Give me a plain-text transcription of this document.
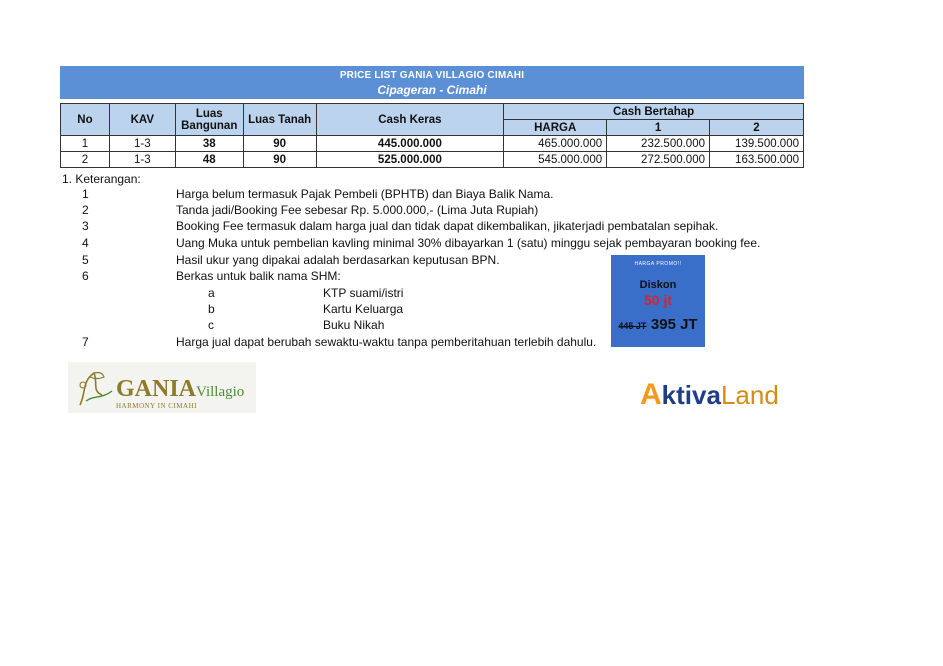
PRICE LIST GANIA VILLAGIO CIMAHI
Cipageran - Cimahi
No	KAV	Luas
Bangunan	Luas Tanah	Cash Keras	Cash Bertahap		
					HARGA	1	2
1	1-3	38	90	445.000.000	465.000.000	232.500.000	139.500.000
2	1-3	48	90	525.000.000	545.000.000	272.500.000	163.500.000
1. Keterangan:
1	Harga belum termasuk Pajak Pembeli (BPHTB) dan Biaya Balik Nama.
2	Tanda jadi/Booking Fee sebesar Rp. 5.000.000,- (Lima Juta Rupiah)
3	Booking Fee termasuk dalam harga jual dan tidak dapat dikembalikan, jikaterjadi pembatalan sepihak.
4	Uang Muka untuk pembelian kavling minimal 30% dibayarkan 1 (satu) minggu sejak pembayaran booking fee.
5	Hasil ukur yang dipakai adalah berdasarkan keputusan BPN.
6	Berkas untuk balik nama SHM:
a	KTP suami/istri
b	Kartu Keluarga
c	Buku Nikah
7	Harga jual dapat berubah sewaktu-waktu tanpa pemberitahuan terlebih dahulu.
HARGA PROMO!!
Diskon
50 jt
445 JT 395 JT
GANIAVillagio
HARMONY IN CIMAHI	AktivaLand
